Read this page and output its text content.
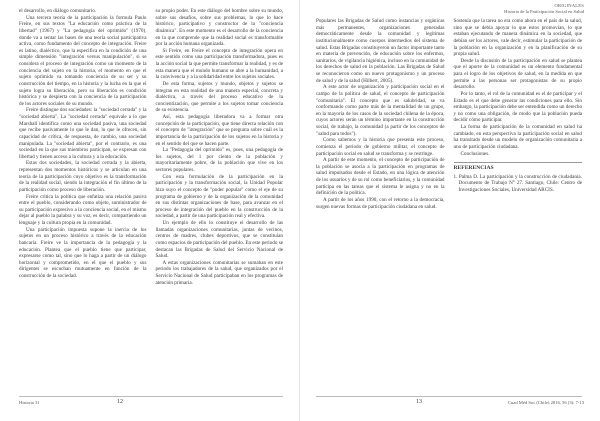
el desarrollo, en diálogo comunitario.

Una tercera teoría de la participación la formula Paulo Freire, en sus textos "La educación como práctica de la libertad" (1967) y "La pedagogía del oprimido" (1970), donde va a sentar las bases de una teoría social participativa activa, como fundamento del concepto de integración. Freire es latino, dialéctico, que la especifica en la condición de una simple dimensión "integración versus manipulación", si se considera el proceso de integración como un momento de la conciencia del sujeto en la historia, el momento en que el sujeto oprimido va tomando conciencia de su ser y su construcción del tiempo, en la historia y la lucha en la que el sujeto logra su liberación, pero su liberación es condición histórica y se despierta con la conciencia de la participación de los actores sociales de su mundo.

Freire distingue dos sociedades: la "sociedad cerrada" y la "sociedad abierta". La "sociedad cerrada" equivale a lo que Marshall identifica como una sociedad pasiva, una sociedad que recibe pasivamente lo que le dan, lo que le ofrecen, sin capacidad de crítica, de respuesta, de cambio, una sociedad manipulada. La "sociedad abierta", por el contrario, es una sociedad en la que sus miembros participan, se expresan con libertad y tienen acceso a la cultura y a la educación.

Estas dos sociedades, la sociedad cerrada y la abierta, representan dos momentos históricos y se articulan en una teoría de la participación cuyo objetivo es la transformación de la realidad social, siendo la integración el fin último de la participación como proceso de liberación.

Freire critica la política que enfatiza una relación pasiva entre el pueblo, considerando como objeto, suministrador de su participación expresivo a la conciencia social, en el mismo dejar al pueblo la palabra y su voz, es decir, compartiendo un lenguaje y la cultura propia en la comunidad.

Una participación impuesta supone la inercia de los sujetos en un proceso histórico a través de la educación bancaria. Freire ve la importancia de la pedagogía y la educación. Plantea que el pueblo tiene que participar, expresarse como tal, sino que lo haga a partir de un diálogo horizontal y comprometido, en el que el pueblo y sus dirigentes se escuchan mutuamente en función de la construcción de la sociedad.

su propio poder. En este diálogo del hombre sobre su mundo, sobre sus desafíos, sobre sus problemas, lo que lo hace histórico, participativo y constructor de la "conciencia dinámica". En este momento es el desarrollo de la conciencia en la que comprende que la realidad social es transformable por la acción humana organizada.

Si Freire, en Freire el concepto de integración opera en este sentido como una participación transformadora, pues es la acción social la que permite transformar la realidad, y es de esta manera que el mundo humano se abre a la humanidad, a la convivencia y a la solidaridad entre los sujetos sociales.

De esta forma, sujetos y mundo, objetos y sujetos se integran en esta realidad de una manera especial, concreta y dialéctica, a través del proceso educativo de la concientización, que permite a los sujetos tomar conciencia de su existencia.

Así, esta pedagogía liberadora va a formar otra concepción de la participación, que tiene directa relación con el concepto de "integración" que se pregunta sobre cuál es la importancia de la participación de los sujetos en la historia y en el sentido del que se hacen parte.

La "Pedagogía del oprimido" es, pues, una pedagogía de los sujetos, del 1 por ciento de la población y mayoritariamente pobre, de la población que vive en los sectores populares.

Con esta formulación de la participación en la participación y la transformación social, la Unidad Popular hizo suyo el concepto de "poder popular" como el eje de su programa de gobierno y de la organización de la comunidad en sus distintas organizaciones de base, para avanzar en el proceso de integración del pueblo en la construcción de la sociedad, a partir de una participación real y efectiva.

Un ejemplo de ello lo constituye el desarrollo de las llamadas organizaciones comunitarias, juntas de vecinos, centros de madres, clubes deportivos, que se constituían como espacios de participación del pueblo. En este periodo se destacan las Brigadas de Salud del Servicio Nacional de Salud.

A estas organizaciones comunitarias se sumaban en este periodo los trabajadores de la salud, que organizados por el Servicio Nacional de Salud participaban en los programas de atención primaria.

Historia 31	12
ORIGINALES
Historia de la Participación Social en Salud

Populares las Brigadas de Salud como instancias y orgánicas más permanentes, organizaciones generadas democráticamente desde la comunidad y legítimas institucionalmente como cuerpos intermedios del sistema de salud. Estas Brigadas constituyeron un factor importante tanto en materia de prevención, de educación sobre los enfermos, sanitarios, de vigilancia higiénica, incluso en la comunidad de los derechos de salud en la población. Las Brigadas de Salud se reconocieron como un nuevo protagonismo y un proceso de salud y de la salud (Hilbert, 2005).

A este actor de organización y participación social en el campo de la política de salud, el concepto de participación "comunitaria". El concepto que es salubridad, se va conformando como parte más de la mentalidad de un grupo, en la mayoría de los casos de la sociedad chilena de la época, cuyos actores serán un término importante en la construcción social, de trabajo, la comunidad (a partir de los conceptos de "salud para todos").

Como sabemos y la historia que presenta este proceso, comienza el período de gobierno militar, el concepto de participación social en salud se transforma y se restringe.

A partir de este momento, el concepto de participación de la población se asocia a la participación en programas de salud impulsados desde el Estado, en una lógica de atención de los usuarios y de su rol como beneficiarios, y la comunidad participa en las tareas que el sistema le asigna y no en la definición de la política.

A partir de los años 1990, con el retorno a la democracia, surgen nuevas formas de participación ciudadana en salud.

Sostenía que la tarea no era como ahora en el país de la salud, sino que se debía apoyar lo que estos promovían, lo que estaban ejecutando de manera dinámica en la sociedad, que debían ser los actores, vale decir, estimular la participación de la población en la organización y en la planificación de su propia salud.

Desde la discusión de la participación en salud se plantea que el aporte de la comunidad es un elemento fundamental para el logro de los objetivos de salud, en la medida en que permite a las personas ser protagonistas de su propio desarrollo.

Por lo tanto, el rol de la comunidad es el de participar y el Estado es el que debe generar las condiciones para ello. Sin embargo, la participación debe ser entendida como un derecho y no como una obligación, de modo que la población pueda decidir cómo participar.

La forma de participación de la comunidad en salud ha cambiado, en esta perspectiva la participación social en salud ha transitado desde un modelo de organización comunitaria a uno de participación ciudadana.

Conclusiones.

REFERENCIAS

1. Palma D. La participación y la construcción de ciudadanía. Documento de Trabajo N° 27. Santiago, Chile: Centro de Investigaciones Sociales, Universidad ARCIS.

13	Cuad Méd Soc (Chile) 2016, 56 (3): 7-13
